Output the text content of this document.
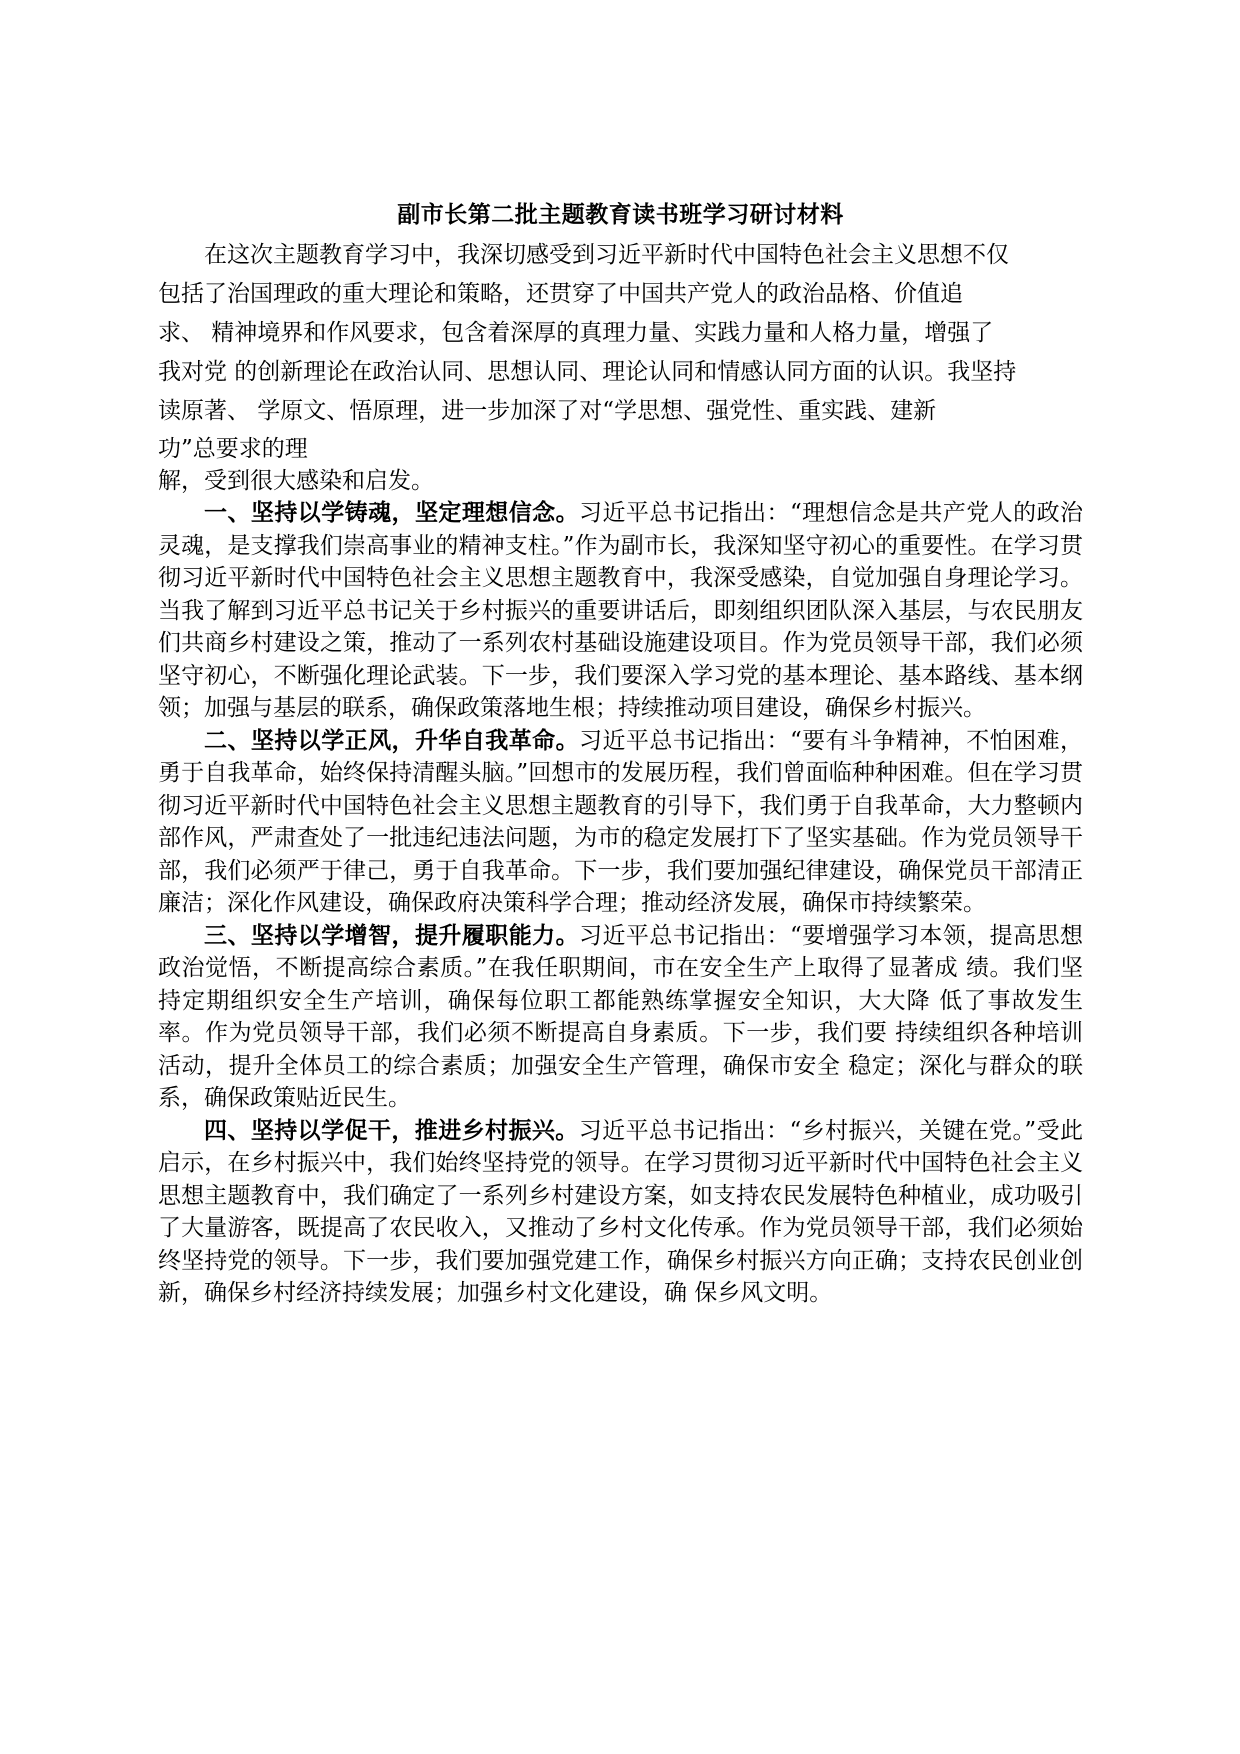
副市长第二批主题教育读书班学习研讨材料
在这次主题教育学习中，我深切感受到习近平新时代中国特色社会主义思想不仅
包括了治国理政的重大理论和策略，还贯穿了中国共产党人的政治品格、价值追
求、 精神境界和作风要求，包含着深厚的真理力量、实践力量和人格力量，增强了
我对党 的创新理论在政治认同、思想认同、理论认同和情感认同方面的认识。我坚持
读原著、 学原文、悟原理，进一步加深了对“学思想、强党性、重实践、建新
功”总要求的理
解，受到很大感染和启发。

一、坚持以学铸魂，坚定理想信念。习近平总书记指出：“理想信念是共产党人的政治灵魂，是支撑我们崇高事业的精神支柱。”作为副市长，我深知坚守初心的重要性。在学习贯彻习近平新时代中国特色社会主义思想主题教育中，我深受感染，自觉加强自身理论学习。当我了解到习近平总书记关于乡村振兴的重要讲话后，即刻组织团队深入基层，与农民朋友们共商乡村建设之策，推动了一系列农村基础设施建设项目。作为党员领导干部，我们必须坚守初心，不断强化理论武装。下一步，我们要深入学习党的基本理论、基本路线、基本纲领；加强与基层的联系，确保政策落地生根；持续推动项目建设，确保乡村振兴。

二、坚持以学正风，升华自我革命。习近平总书记指出：“要有斗争精神，不怕困难，勇于自我革命，始终保持清醒头脑。”回想市的发展历程，我们曾面临种种困难。但在学习贯彻习近平新时代中国特色社会主义思想主题教育的引导下，我们勇于自我革命，大力整顿内部作风，严肃查处了一批违纪违法问题，为市的稳定发展打下了坚实基础。作为党员领导干部，我们必须严于律己，勇于自我革命。下一步，我们要加强纪律建设，确保党员干部清正廉洁；深化作风建设，确保政府决策科学合理；推动经济发展，确保市持续繁荣。

三、坚持以学增智，提升履职能力。习近平总书记指出：“要增强学习本领，提高思想政治觉悟，不断提高综合素质。”在我任职期间，市在安全生产上取得了显著成 绩。我们坚持定期组织安全生产培训，确保每位职工都能熟练掌握安全知识，大大降 低了事故发生率。作为党员领导干部，我们必须不断提高自身素质。下一步，我们要 持续组织各种培训活动，提升全体员工的综合素质；加强安全生产管理，确保市安全 稳定；深化与群众的联系，确保政策贴近民生。

四、坚持以学促干，推进乡村振兴。习近平总书记指出：“乡村振兴，关键在党。”受此启示，在乡村振兴中，我们始终坚持党的领导。在学习贯彻习近平新时代中国特色社会主义思想主题教育中，我们确定了一系列乡村建设方案，如支持农民发展特色种植业，成功吸引了大量游客，既提高了农民收入，又推动了乡村文化传承。作为党员领导干部，我们必须始终坚持党的领导。下一步，我们要加强党建工作，确保乡村振兴方向正确；支持农民创业创新，确保乡村经济持续发展；加强乡村文化建设，确 保乡风文明。
